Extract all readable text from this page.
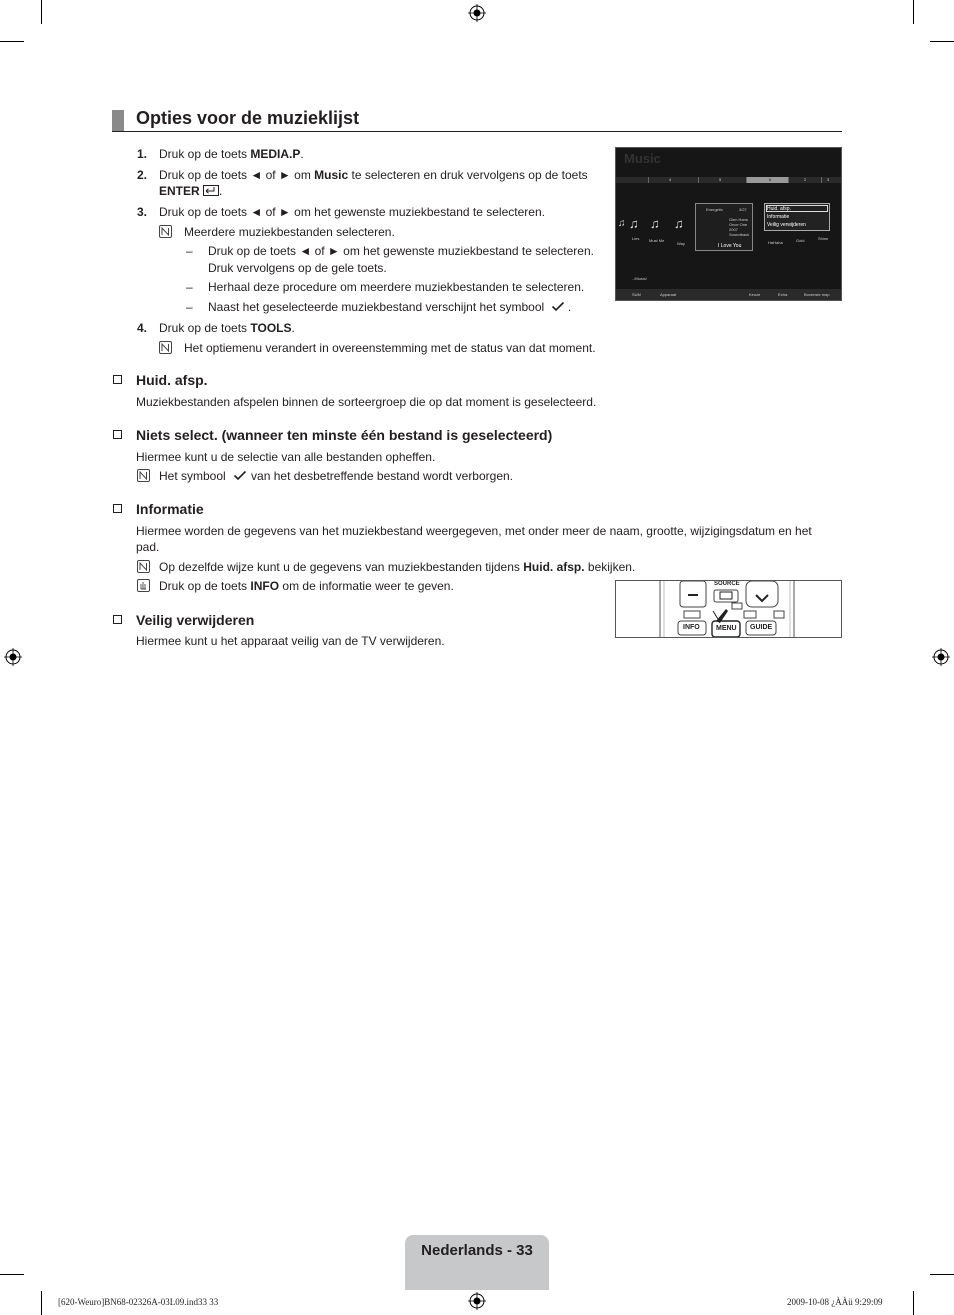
Opties voor de muzieklijst
1. Druk op de toets MEDIA.P.
2. Druk op de toets ◄ of ► om Music te selecteren en druk vervolgens op de toets
ENTER .
3. Druk op de toets ◄ of ► om het gewenste muziekbestand te selecteren.
Meerdere muziekbestanden selecteren.
– Druk op de toets ◄ of ► om het gewenste muziekbestand te selecteren.
Druk vervolgens op de gele toets.
– Herhaal deze procedure om meerdere muziekbestanden te selecteren.
– Naast het geselecteerde muziekbestand verschijnt het symbool  .
4. Druk op de toets TOOLS.
Het optiemenu verandert in overeenstemming met de status van dat moment.
Music
4	5	6	2	3
♫ ♫ ♫ ♫
Lies Must Me
Way	HaHaha	Gold	Shine
Energetic	3/27
Glen Hans
Once One
2007
Soundtrack
I Love You
Huid. afsp.
Informatie
Veilig verwijderen
../Music/
SUM	Apparaat	Keuze	Extra	Bovenste map
Huid. afsp.
Muziekbestanden afspelen binnen de sorteergroep die op dat moment is geselecteerd.
Niets select. (wanneer ten minste één bestand is geselecteerd)
Hiermee kunt u de selectie van alle bestanden opheffen.
Het symbool van het desbetreffende bestand wordt verborgen.
Informatie
Hiermee worden de gegevens van het muziekbestand weergegeven, met onder meer de naam, grootte, wijzigingsdatum en het
pad.
Op dezelfde wijze kunt u de gegevens van muziekbestanden tijdens Huid. afsp. bekijken.
Druk op de toets INFO om de informatie weer te geven.	SOURCE
INFO MENU GUIDE
Veilig verwijderen
Hiermee kunt u het apparaat veilig van de TV verwijderen.
Nederlands - 33
[620-Weuro]BN68-02326A-03L09.ind33 33	2009-10-08 ¿ÀÀü 9:29:09
